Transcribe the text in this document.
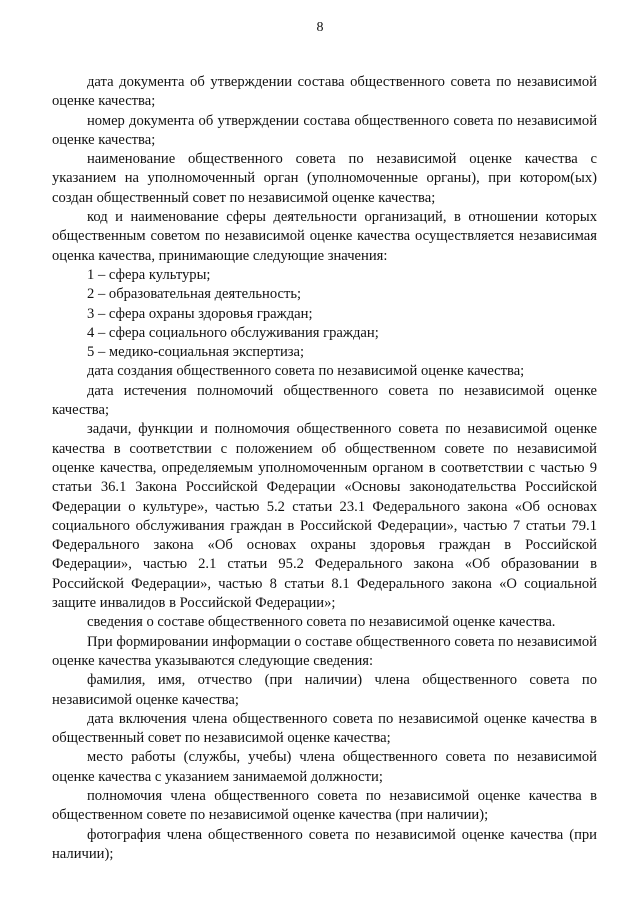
8

дата документа об утверждении состава общественного совета по независимой оценке качества;

номер документа об утверждении состава общественного совета по независимой оценке качества;

наименование общественного совета по независимой оценке качества с указанием на уполномоченный орган (уполномоченные органы), при котором(ых) создан общественный совет по независимой оценке качества;

код и наименование сферы деятельности организаций, в отношении которых общественным советом по независимой оценке качества осуществляется независимая оценка качества, принимающие следующие значения:

1 – сфера культуры;

2 – образовательная деятельность;

3 – сфера охраны здоровья граждан;

4 – сфера социального обслуживания граждан;

5 – медико-социальная экспертиза;

дата создания общественного совета по независимой оценке качества;

дата истечения полномочий общественного совета по независимой оценке качества;

задачи, функции и полномочия общественного совета по независимой оценке качества в соответствии с положением об общественном совете по независимой оценке качества, определяемым уполномоченным органом в соответствии с частью 9 статьи 36.1 Закона Российской Федерации «Основы законодательства Российской Федерации о культуре», частью 5.2 статьи 23.1 Федерального закона «Об основах социального обслуживания граждан в Российской Федерации», частью 7 статьи 79.1 Федерального закона «Об основах охраны здоровья граждан в Российской Федерации», частью 2.1 статьи 95.2 Федерального закона «Об образовании в Российской Федерации», частью 8 статьи 8.1 Федерального закона «О социальной защите инвалидов в Российской Федерации»;

сведения о составе общественного совета по независимой оценке качества.

При формировании информации о составе общественного совета по независимой оценке качества указываются следующие сведения:

фамилия, имя, отчество (при наличии) члена общественного совета по независимой оценке качества;

дата включения члена общественного совета по независимой оценке качества в общественный совет по независимой оценке качества;

место работы (службы, учебы) члена общественного совета по независимой оценке качества с указанием занимаемой должности;

полномочия члена общественного совета по независимой оценке качества в общественном совете по независимой оценке качества (при наличии);

фотография члена общественного совета по независимой оценке качества (при наличии);
